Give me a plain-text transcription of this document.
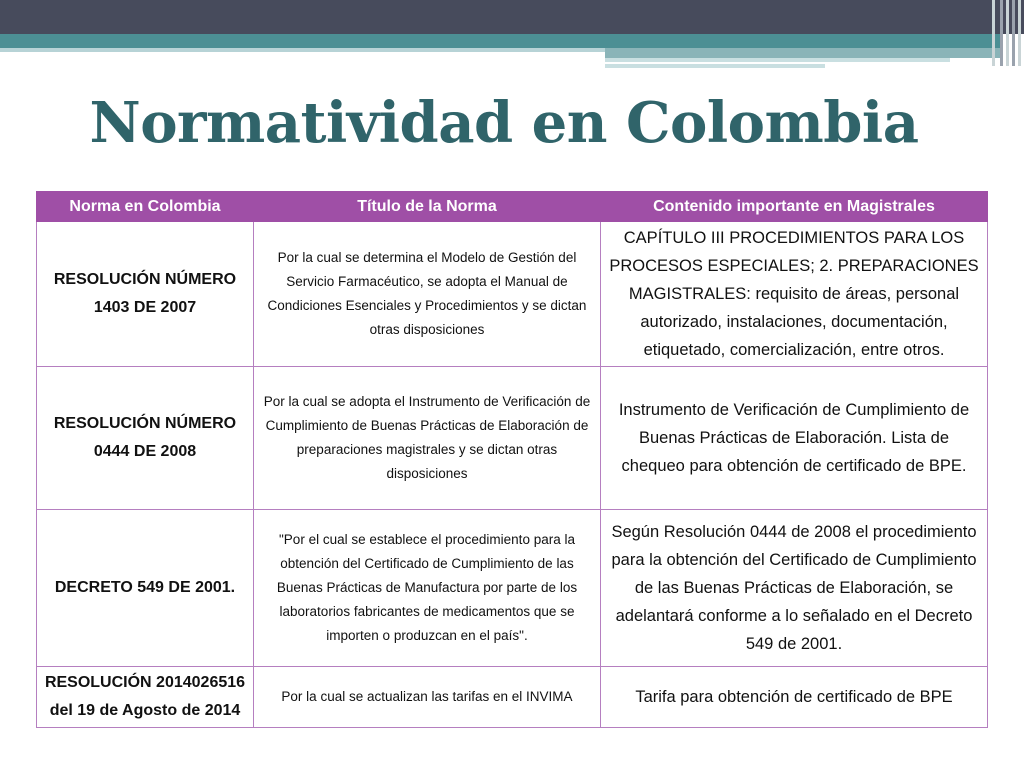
Normatividad en Colombia
Norma en Colombia	Título de la Norma	Contenido importante en Magistrales
RESOLUCIÓN NÚMERO 1403 DE 2007	Por la cual se determina el Modelo de Gestión del Servicio Farmacéutico, se adopta el Manual de Condiciones Esenciales y Procedimientos y se dictan otras disposiciones	CAPÍTULO III PROCEDIMIENTOS PARA LOS PROCESOS ESPECIALES; 2. PREPARACIONES MAGISTRALES: requisito de áreas, personal autorizado, instalaciones, documentación, etiquetado, comercialización, entre otros.
RESOLUCIÓN NÚMERO 0444 DE 2008	Por la cual se adopta el Instrumento de Verificación de Cumplimiento de Buenas Prácticas de Elaboración de preparaciones magistrales y se dictan otras disposiciones	Instrumento de Verificación de Cumplimiento de Buenas Prácticas de Elaboración. Lista de chequeo para obtención de certificado de BPE.
DECRETO 549 DE 2001.	"Por el cual se establece el procedimiento para la obtención del Certificado de Cumplimiento de las Buenas Prácticas de Manufactura por parte de los laboratorios fabricantes de medicamentos que se importen o produzcan en el país".	Según Resolución 0444 de 2008 el procedimiento para la obtención del Certificado de Cumplimiento de las Buenas Prácticas de Elaboración, se adelantará conforme a lo señalado en el Decreto 549 de 2001.
RESOLUCIÓN 2014026516 del 19 de Agosto de 2014	Por la cual se actualizan las tarifas en el INVIMA	Tarifa para obtención de certificado de BPE
